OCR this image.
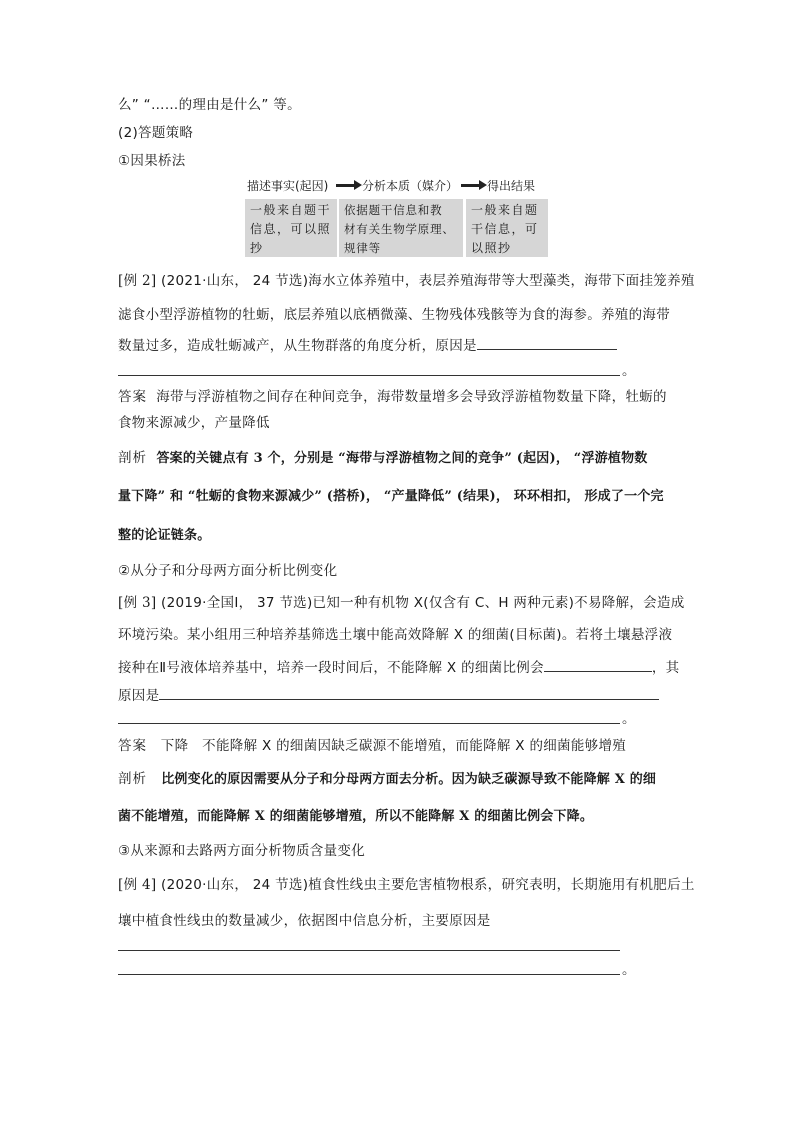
么” “……的理由是什么” 等。
(2)答题策略
①因果桥法
描述事实(起因)	分析本质（媒介） 得出结果
一般来自题干
信息，可以照
抄
依据题干信息和教
材有关生物学原理、
规律等
一般来自题
干信息，可
以照抄
[例 2] (2021·山东， 24 节选)海水立体养殖中，表层养殖海带等大型藻类，海带下面挂笼养殖
滤食小型浮游植物的牡蛎，底层养殖以底栖微藻、生物残体残骸等为食的海参。养殖的海带
数量过多，造成牡蛎减产，从生物群落的角度分析，原因是
。
答案 海带与浮游植物之间存在种间竞争，海带数量增多会导致浮游植物数量下降，牡蛎的
食物来源减少，产量降低
剖析 答案的关键点有 3 个，分别是 “海带与浮游植物之间的竞争” (起因)， “浮游植物数
量下降” 和 “牡蛎的食物来源减少” (搭桥)， “产量降低” (结果)， 环环相扣， 形成了一个完
整的论证链条。
②从分子和分母两方面分析比例变化
[例 3] (2019·全国Ⅰ， 37 节选)已知一种有机物 X(仅含有 C、H 两种元素)不易降解，会造成
环境污染。某小组用三种培养基筛选土壤中能高效降解 X 的细菌(目标菌)。若将土壤悬浮液
接种在Ⅱ号液体培养基中，培养一段时间后，不能降解 X 的细菌比例会	，其
原因是
。
答案 下降　不能降解 X 的细菌因缺乏碳源不能增殖，而能降解 X 的细菌能够增殖
剖析 比例变化的原因需要从分子和分母两方面去分析。因为缺乏碳源导致不能降解 X 的细
菌不能增殖，而能降解 X 的细菌能够增殖，所以不能降解 X 的细菌比例会下降。
③从来源和去路两方面分析物质含量变化
[例 4] (2020·山东， 24 节选)植食性线虫主要危害植物根系，研究表明，长期施用有机肥后土
壤中植食性线虫的数量减少，依据图中信息分析，主要原因是
。
